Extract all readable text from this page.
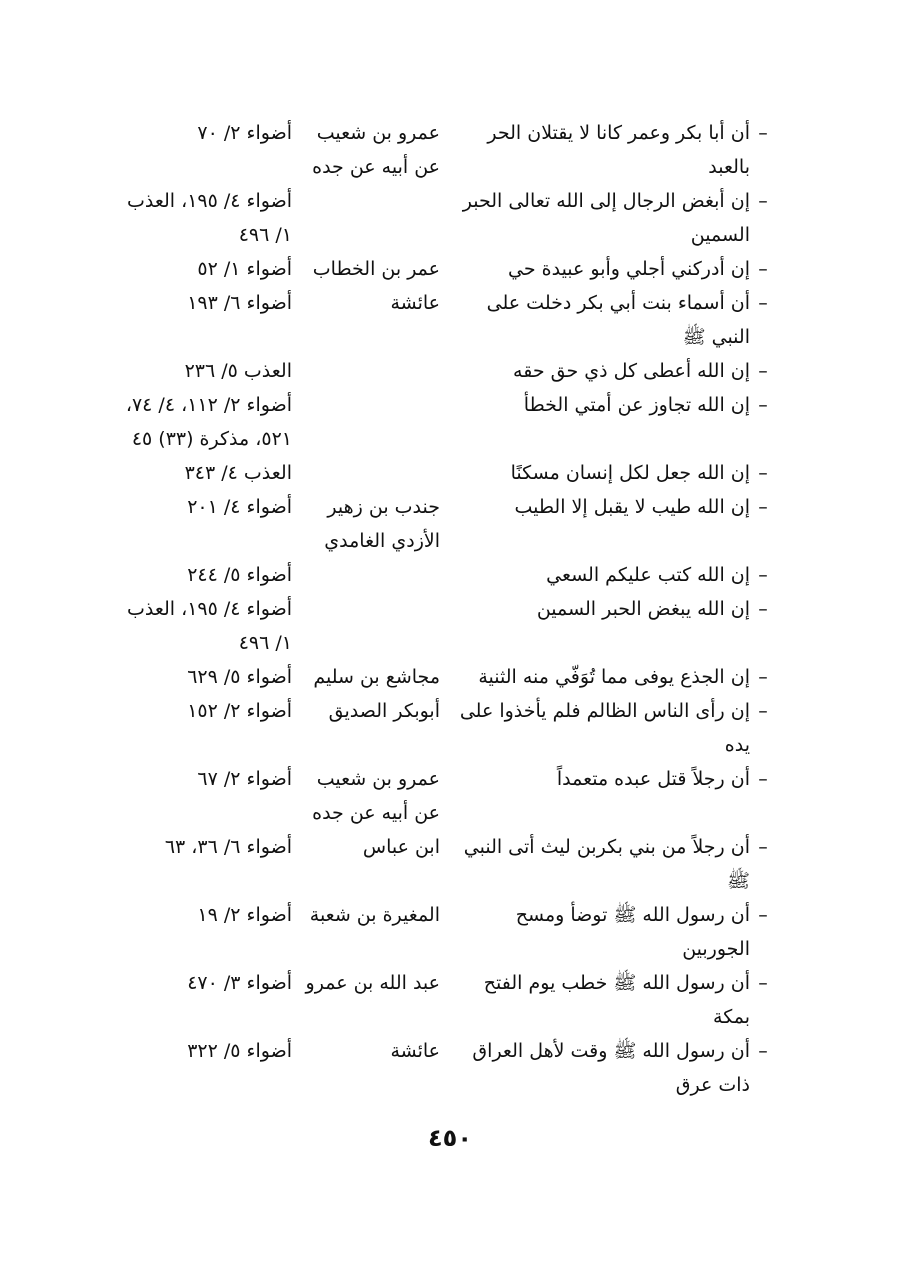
–
أن أبا بكر وعمر كانا لا يقتلان الحر بالعبد
عمرو بن شعيب عن أبيه عن جده
أضواء ٢/ ٧٠
–
إن أبغض الرجال إلى الله تعالى الحبر السمين
أضواء ٤/ ١٩٥، العذب ١/ ٤٩٦
–
إن أدركني أجلي وأبو عبيدة حي
عمر بن الخطاب
أضواء ١/ ٥٢
–
أن أسماء بنت أبي بكر دخلت على النبي ﷺ
عائشة
أضواء ٦/ ١٩٣
–
إن الله أعطى كل ذي حق حقه
العذب ٥/ ٢٣٦
–
إن الله تجاوز عن أمتي الخطأ
أضواء ٢/ ١١٢، ٤/ ٧٤، ٥٢١، مذكرة (٣٣) ٤٥
–
إن الله جعل لكل إنسان مسكنًا
العذب ٤/ ٣٤٣
–
إن الله طيب لا يقبل إلا الطيب
جندب بن زهير الأزدي الغامدي
أضواء ٤/ ٢٠١
–
إن الله كتب عليكم السعي
أضواء ٥/ ٢٤٤
–
إن الله يبغض الحبر السمين
أضواء ٤/ ١٩٥، العذب ١/ ٤٩٦
–
إن الجذع يوفى مما تُوَفّي منه الثنية
مجاشع بن سليم
أضواء ٥/ ٦٢٩
–
إن رأى الناس الظالم فلم يأخذوا على يده
أبوبكر الصديق
أضواء ٢/ ١٥٢
–
أن رجلاً قتل عبده متعمداً
عمرو بن شعيب عن أبيه عن جده
أضواء ٢/ ٦٧
–
أن رجلاً من بني بكربن ليث أتى النبي ﷺ
ابن عباس
أضواء ٦/ ٣٦، ٦٣
–
أن رسول الله ﷺ توضأ ومسح الجوربين
المغيرة بن شعبة
أضواء ٢/ ١٩
–
أن رسول الله ﷺ خطب يوم الفتح بمكة
عبد الله بن عمرو
أضواء ٣/ ٤٧٠
–
أن رسول الله ﷺ وقت لأهل العراق ذات عرق
عائشة
أضواء ٥/ ٣٢٢
٤٥٠
